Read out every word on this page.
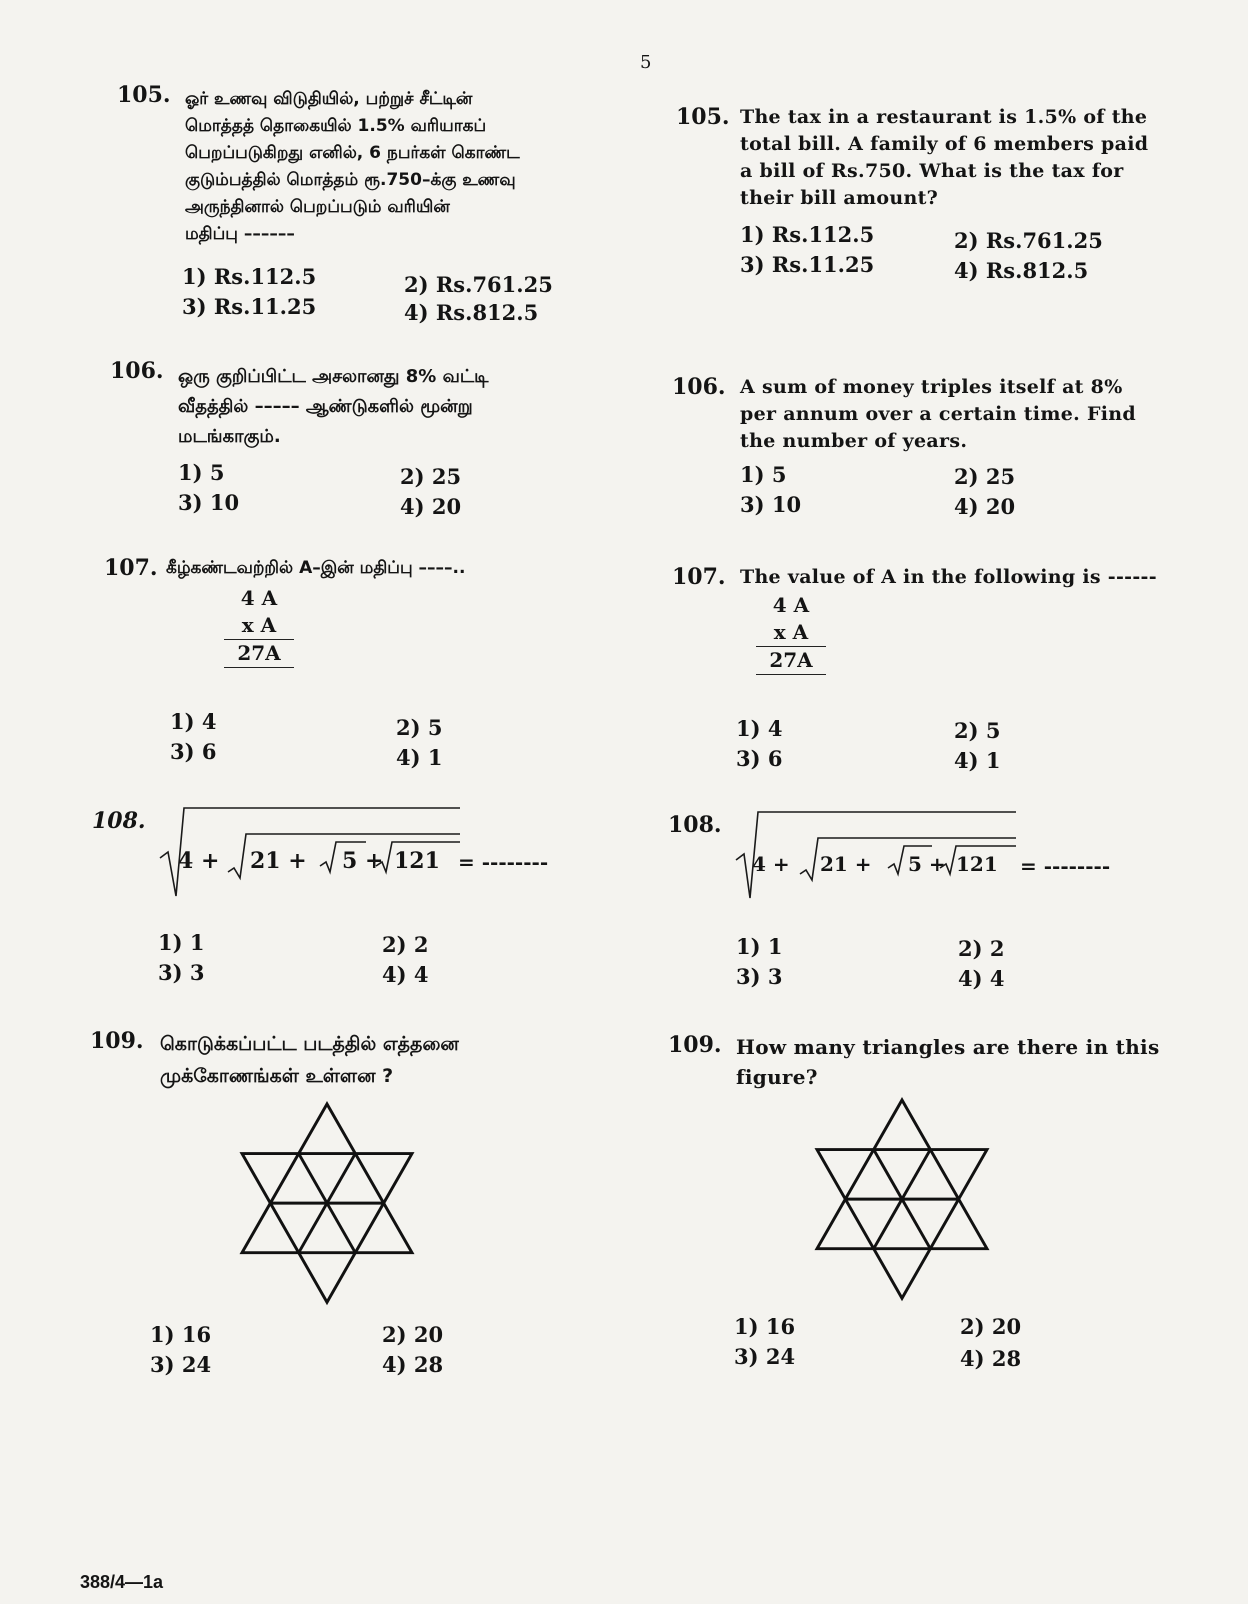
5
105. ஓர் உணவு விடுதியில், பற்றுச் சீட்டின்
மொத்தத் தொகையில் 1.5% வரியாகப்
பெறப்படுகிறது எனில், 6 நபர்கள் கொண்ட
குடும்பத்தில் மொத்தம் ரூ.750–க்கு உணவு
அருந்தினால் பெறப்படும் வரியின்
மதிப்பு ––––––
1) Rs.112.5	2) Rs.761.25
3) Rs.11.25	4) Rs.812.5
106. ஒரு குறிப்பிட்ட அசலானது 8% வட்டி
வீதத்தில் ––––– ஆண்டுகளில் மூன்று
மடங்காகும்.
1) 5	2) 25
3) 10	4) 20
107. கீழ்கண்டவற்றில் A–இன் மதிப்பு ––––..
4 A
x A
27A
1) 4	2) 5
3) 6	4) 1
108.
4 + 21 + 5 + 121 = --------
1) 1	2) 2
3) 3	4) 4
109. கொடுக்கப்பட்ட படத்தில் எத்தனை
முக்கோணங்கள் உள்ளன ?
1) 16	2) 20
3) 24	4) 28
105. The tax in a restaurant is 1.5% of the
total bill. A family of 6 members paid
a bill of Rs.750. What is the tax for
their bill amount?
1) Rs.112.5	2) Rs.761.25
3) Rs.11.25	4) Rs.812.5
106. A sum of money triples itself at 8%
per annum over a certain time. Find
the number of years.
1) 5	2) 25
3) 10	4) 20
107. The value of A in the following is ------
4 A
x A
27A
1) 4	2) 5
3) 6	4) 1
108.
4 + 21 + 5 + 121 = --------
1) 1	2) 2
3) 3	4) 4
109. How many triangles are there in this
figure?
1) 16	2) 20
3) 24	4) 28
388/4—1a
